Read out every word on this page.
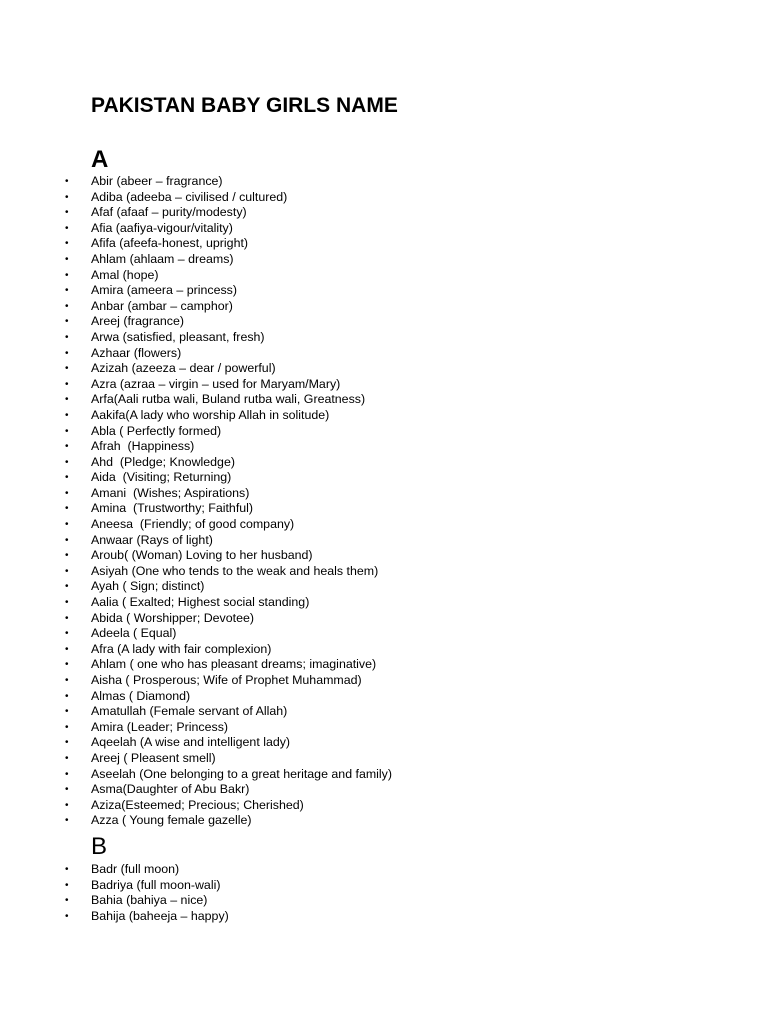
PAKISTAN BABY GIRLS NAME
A
• Abir (abeer – fragrance)
• Adiba (adeeba – civilised / cultured)
• Afaf (afaaf – purity/modesty)
• Afia (aafiya-vigour/vitality)
• Afifa (afeefa-honest, upright)
• Ahlam (ahlaam – dreams)
• Amal (hope)
• Amira (ameera – princess)
• Anbar (ambar – camphor)
• Areej (fragrance)
• Arwa (satisfied, pleasant, fresh)
• Azhaar (flowers)
• Azizah (azeeza – dear / powerful)
• Azra (azraa – virgin – used for Maryam/Mary)
• Arfa(Aali rutba wali, Buland rutba wali, Greatness)
• Aakifa(A lady who worship Allah in solitude)
• Abla ( Perfectly formed)
• Afrah  (Happiness)
• Ahd  (Pledge; Knowledge)
• Aida  (Visiting; Returning)
• Amani  (Wishes; Aspirations)
• Amina  (Trustworthy; Faithful)
• Aneesa  (Friendly; of good company)
• Anwaar (Rays of light)
• Aroub( (Woman) Loving to her husband)
• Asiyah (One who tends to the weak and heals them)
• Ayah ( Sign; distinct)
• Aalia ( Exalted; Highest social standing)
• Abida ( Worshipper; Devotee)
• Adeela ( Equal)
• Afra (A lady with fair complexion)
• Ahlam ( one who has pleasant dreams; imaginative)
• Aisha ( Prosperous; Wife of Prophet Muhammad)
• Almas ( Diamond)
• Amatullah (Female servant of Allah)
• Amira (Leader; Princess)
• Aqeelah (A wise and intelligent lady)
• Areej ( Pleasent smell)
• Aseelah (One belonging to a great heritage and family)
• Asma(Daughter of Abu Bakr)
• Aziza(Esteemed; Precious; Cherished)
• Azza ( Young female gazelle)
B
• Badr (full moon)
• Badriya (full moon-wali)
• Bahia (bahiya – nice)
• Bahija (baheeja – happy)
